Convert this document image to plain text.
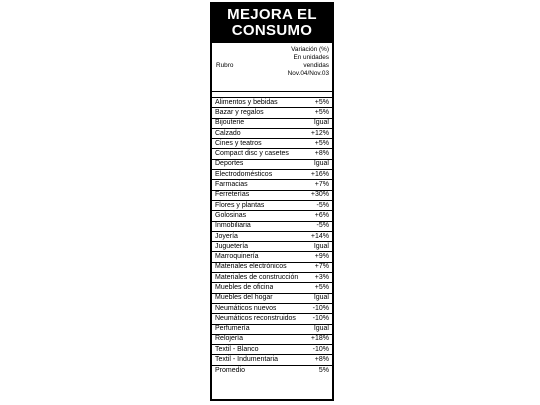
MEJORA EL
CONSUMO
Rubro
Variación (%)
En unidades
vendidas
Nov.04/Nov.03
Alimentos y bebidas	+5%
Bazar y regalos	+5%
Bijouterie	Igual
Calzado	+12%
Cines y teatros	+5%
Compact disc y casetes	+8%
Deportes	Igual
Electrodomésticos	+16%
Farmacias	+7%
Ferreterías	+30%
Flores y plantas	-5%
Golosinas	+6%
Inmobiliaria	-5%
Joyería	+14%
Juguetería	Igual
Marroquinería	+9%
Materiales electrónicos	+7%
Materiales de construcción +3%
Muebles de oficina	+5%
Muebles del hogar	Igual
Neumáticos nuevos	-10%
Neumáticos reconstruidos -10%
Perfumería	Igual
Relojería	+18%
Textil - Blanco	-10%
Textil - Indumentaria	+8%
Promedio	5%
